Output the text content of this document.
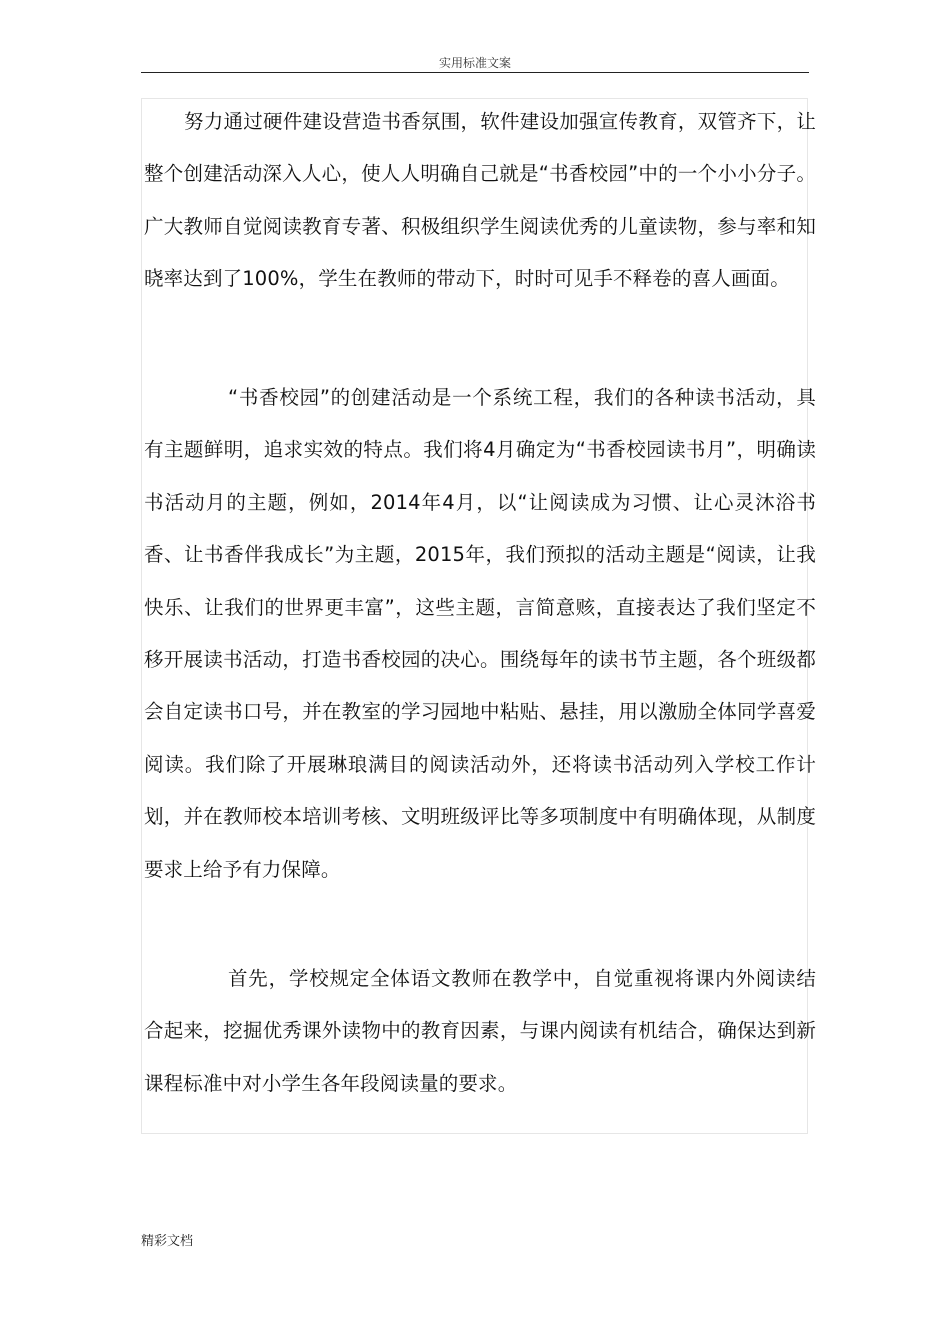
实用标准文案

努力通过硬件建设营造书香氛围，软件建设加强宣传教育，双管齐下，让整个创建活动深入人心，使人人明确自己就是“书香校园”中的一个小小分子。广大教师自觉阅读教育专著、积极组织学生阅读优秀的儿童读物，参与率和知晓率达到了100%，学生在教师的带动下，时时可见手不释卷的喜人画面。

“书香校园”的创建活动是一个系统工程，我们的各种读书活动，具有主题鲜明，追求实效的特点。我们将4月确定为“书香校园读书月”，明确读书活动月的主题，例如，2014年4月，以“让阅读成为习惯、让心灵沐浴书香、让书香伴我成长”为主题，2015年，我们预拟的活动主题是“阅读，让我快乐、让我们的世界更丰富”，这些主题，言简意赅，直接表达了我们坚定不移开展读书活动，打造书香校园的决心。围绕每年的读书节主题，各个班级都会自定读书口号，并在教室的学习园地中粘贴、悬挂，用以激励全体同学喜爱阅读。我们除了开展琳琅满目的阅读活动外，还将读书活动列入学校工作计划，并在教师校本培训考核、文明班级评比等多项制度中有明确体现，从制度要求上给予有力保障。

首先，学校规定全体语文教师在教学中，自觉重视将课内外阅读结合起来，挖掘优秀课外读物中的教育因素，与课内阅读有机结合，确保达到新课程标准中对小学生各年段阅读量的要求。

精彩文档
